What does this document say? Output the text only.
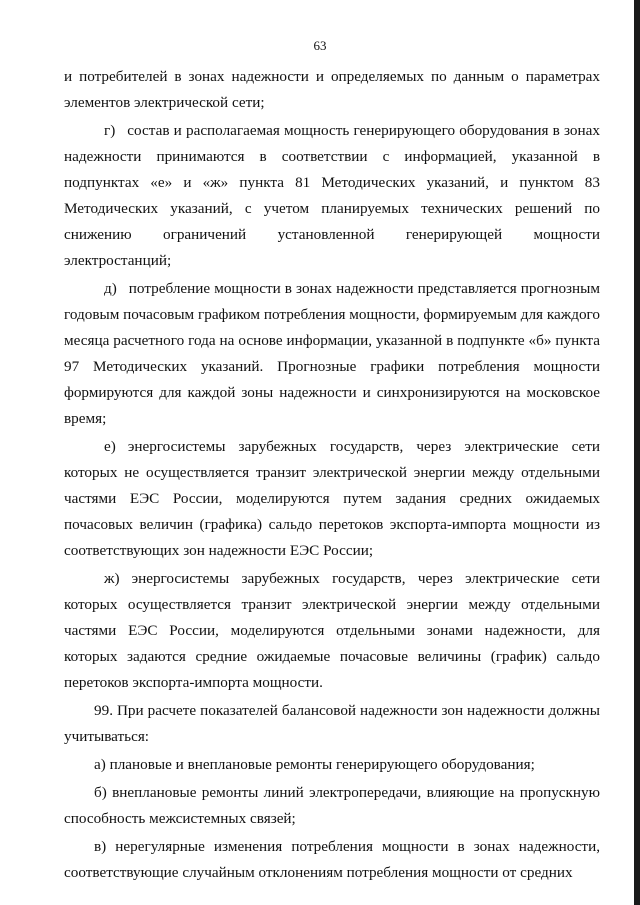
63

и потребителей в зонах надежности и определяемых по данным о параметрах элементов электрической сети;

г) состав и располагаемая мощность генерирующего оборудования в зонах надежности принимаются в соответствии с информацией, указанной в подпунктах «е» и «ж» пункта 81 Методических указаний, и пунктом 83 Методических указаний, с учетом планируемых технических решений по снижению ограничений установленной генерирующей мощности электростанций;

д) потребление мощности в зонах надежности представляется прогнозным годовым почасовым графиком потребления мощности, формируемым для каждого месяца расчетного года на основе информации, указанной в подпункте «б» пункта 97 Методических указаний. Прогнозные графики потребления мощности формируются для каждой зоны надежности и синхронизируются на московское время;

е) энергосистемы зарубежных государств, через электрические сети которых не осуществляется транзит электрической энергии между отдельными частями ЕЭС России, моделируются путем задания средних ожидаемых почасовых величин (графика) сальдо перетоков экспорта-импорта мощности из соответствующих зон надежности ЕЭС России;

ж) энергосистемы зарубежных государств, через электрические сети которых осуществляется транзит электрической энергии между отдельными частями ЕЭС России, моделируются отдельными зонами надежности, для которых задаются средние ожидаемые почасовые величины (график) сальдо перетоков экспорта-импорта мощности.

99. При расчете показателей балансовой надежности зон надежности должны учитываться:

а) плановые и внеплановые ремонты генерирующего оборудования;

б) внеплановые ремонты линий электропередачи, влияющие на пропускную способность межсистемных связей;

в) нерегулярные изменения потребления мощности в зонах надежности, соответствующие случайным отклонениям потребления мощности от средних
